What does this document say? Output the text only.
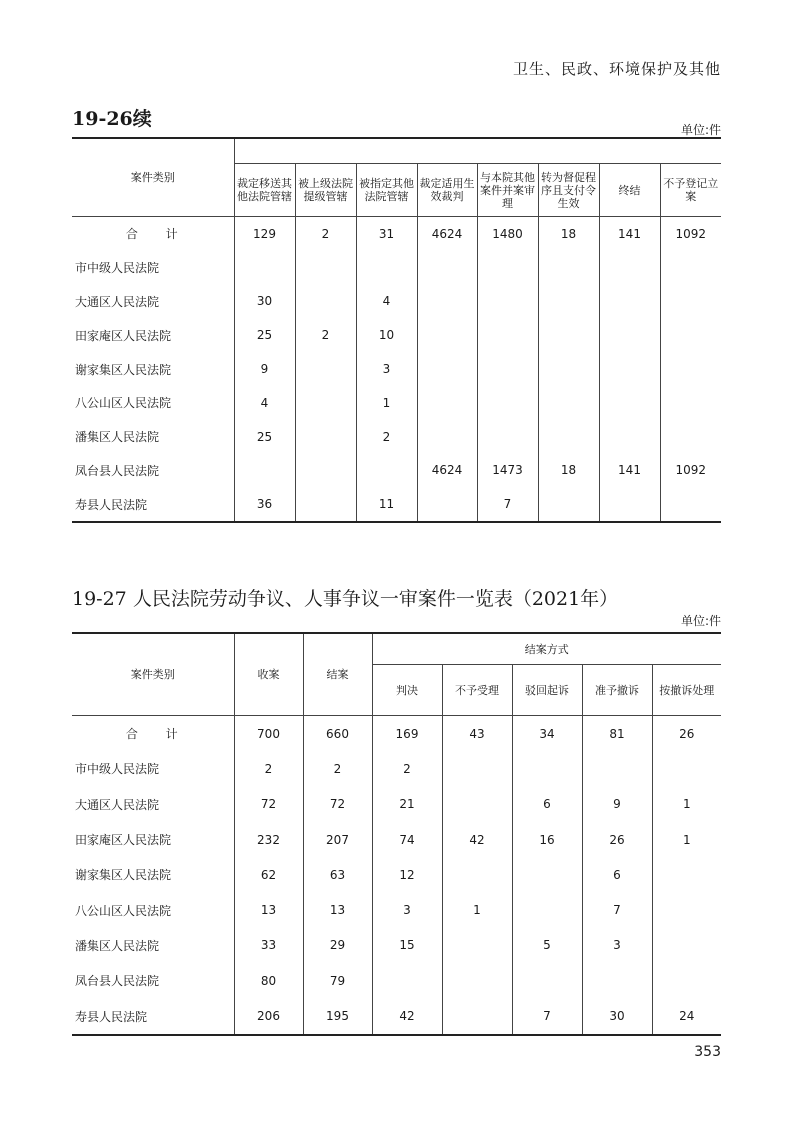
卫生、民政、环境保护及其他
19-26续	单位:件
案件类别								
	裁定移送其他法院管辖	被上级法院提级管辖	被指定其他法院管辖	裁定适用生效裁判	与本院其他案件并案审理	转为督促程序且支付令生效	终结	不予登记立案
合 计	129	2	31	4624	1480	18	141	1092
市中级人民法院								
大通区人民法院	30		4					
田家庵区人民法院	25	2	10					
谢家集区人民法院	9		3					
八公山区人民法院	4		1					
潘集区人民法院	25		2					
凤台县人民法院				4624	1473	18	141	1092
寿县人民法院	36		11		7			
19-27 人民法院劳动争议、人事争议一审案件一览表（2021年）
单位:件
案件类别	收案	结案	结案方式				
			判决	不予受理	驳回起诉	准予撤诉	按撤诉处理
合 计	700	660	169	43	34	81	26
市中级人民法院	2	2	2				
大通区人民法院	72	72	21		6	9	1
田家庵区人民法院	232	207	74	42	16	26	1
谢家集区人民法院	62	63	12			6	
八公山区人民法院	13	13	3	1		7	
潘集区人民法院	33	29	15		5	3	
凤台县人民法院	80	79					
寿县人民法院	206	195	42		7	30	24
353
